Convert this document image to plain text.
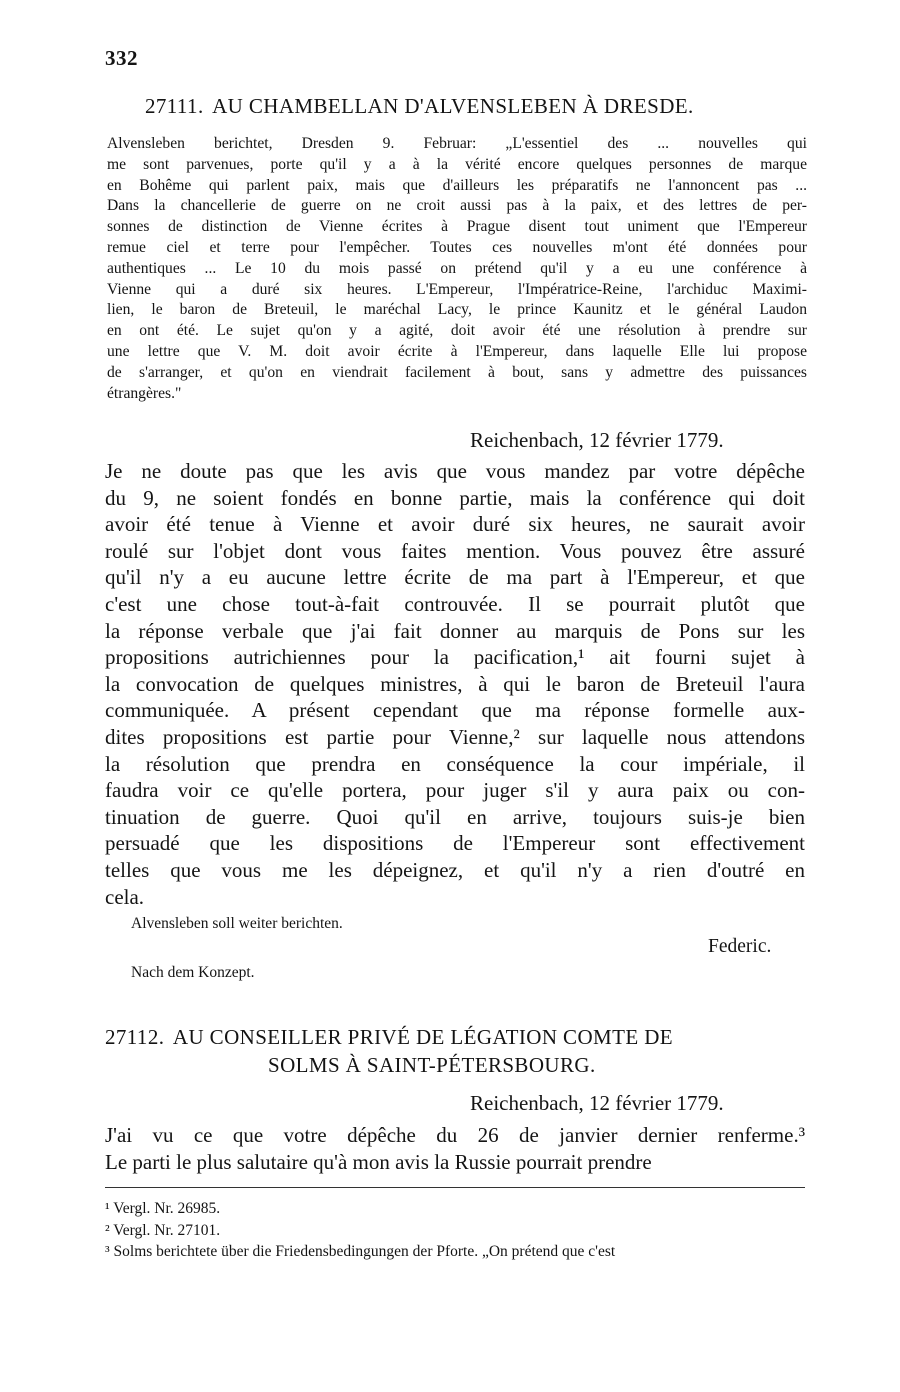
332
27111. AU CHAMBELLAN D'ALVENSLEBEN À DRESDE.
Alvensleben berichtet, Dresden 9. Februar: „L'essentiel des ... nouvelles qui
me sont parvenues, porte qu'il y a à la vérité encore quelques personnes de marque
en Bohême qui parlent paix, mais que d'ailleurs les préparatifs ne l'annoncent pas ...
Dans la chancellerie de guerre on ne croit aussi pas à la paix, et des lettres de per-
sonnes de distinction de Vienne écrites à Prague disent tout uniment que l'Empereur
remue ciel et terre pour l'empêcher. Toutes ces nouvelles m'ont été données pour
authentiques ... Le 10 du mois passé on prétend qu'il y a eu une conférence à
Vienne qui a duré six heures. L'Empereur, l'Impératrice-Reine, l'archiduc Maximi-
lien, le baron de Breteuil, le maréchal Lacy, le prince Kaunitz et le général Laudon
en ont été. Le sujet qu'on y a agité, doit avoir été une résolution à prendre sur
une lettre que V. M. doit avoir écrite à l'Empereur, dans laquelle Elle lui propose
de s'arranger, et qu'on en viendrait facilement à bout, sans y admettre des puissances
étrangères."
Reichenbach, 12 février 1779.
Je ne doute pas que les avis que vous mandez par votre dépêche
du 9, ne soient fondés en bonne partie, mais la conférence qui doit
avoir été tenue à Vienne et avoir duré six heures, ne saurait avoir
roulé sur l'objet dont vous faites mention. Vous pouvez être assuré
qu'il n'y a eu aucune lettre écrite de ma part à l'Empereur, et que
c'est une chose tout-à-fait controuvée. Il se pourrait plutôt que
la réponse verbale que j'ai fait donner au marquis de Pons sur les
propositions autrichiennes pour la pacification,¹ ait fourni sujet à
la convocation de quelques ministres, à qui le baron de Breteuil l'aura
communiquée. A présent cependant que ma réponse formelle aux-
dites propositions est partie pour Vienne,² sur laquelle nous attendons
la résolution que prendra en conséquence la cour impériale, il
faudra voir ce qu'elle portera, pour juger s'il y aura paix ou con-
tinuation de guerre. Quoi qu'il en arrive, toujours suis-je bien
persuadé que les dispositions de l'Empereur sont effectivement
telles que vous me les dépeignez, et qu'il n'y a rien d'outré en
cela.
Alvensleben soll weiter berichten.
Federic.
Nach dem Konzept.
27112. AU CONSEILLER PRIVÉ DE LÉGATION COMTE DE
SOLMS À SAINT-PÉTERSBOURG.
Reichenbach, 12 février 1779.
J'ai vu ce que votre dépêche du 26 de janvier dernier renferme.³
Le parti le plus salutaire qu'à mon avis la Russie pourrait prendre
¹ Vergl. Nr. 26985.
² Vergl. Nr. 27101.
³ Solms berichtete über die Friedensbedingungen der Pforte. „On prétend que c'est
